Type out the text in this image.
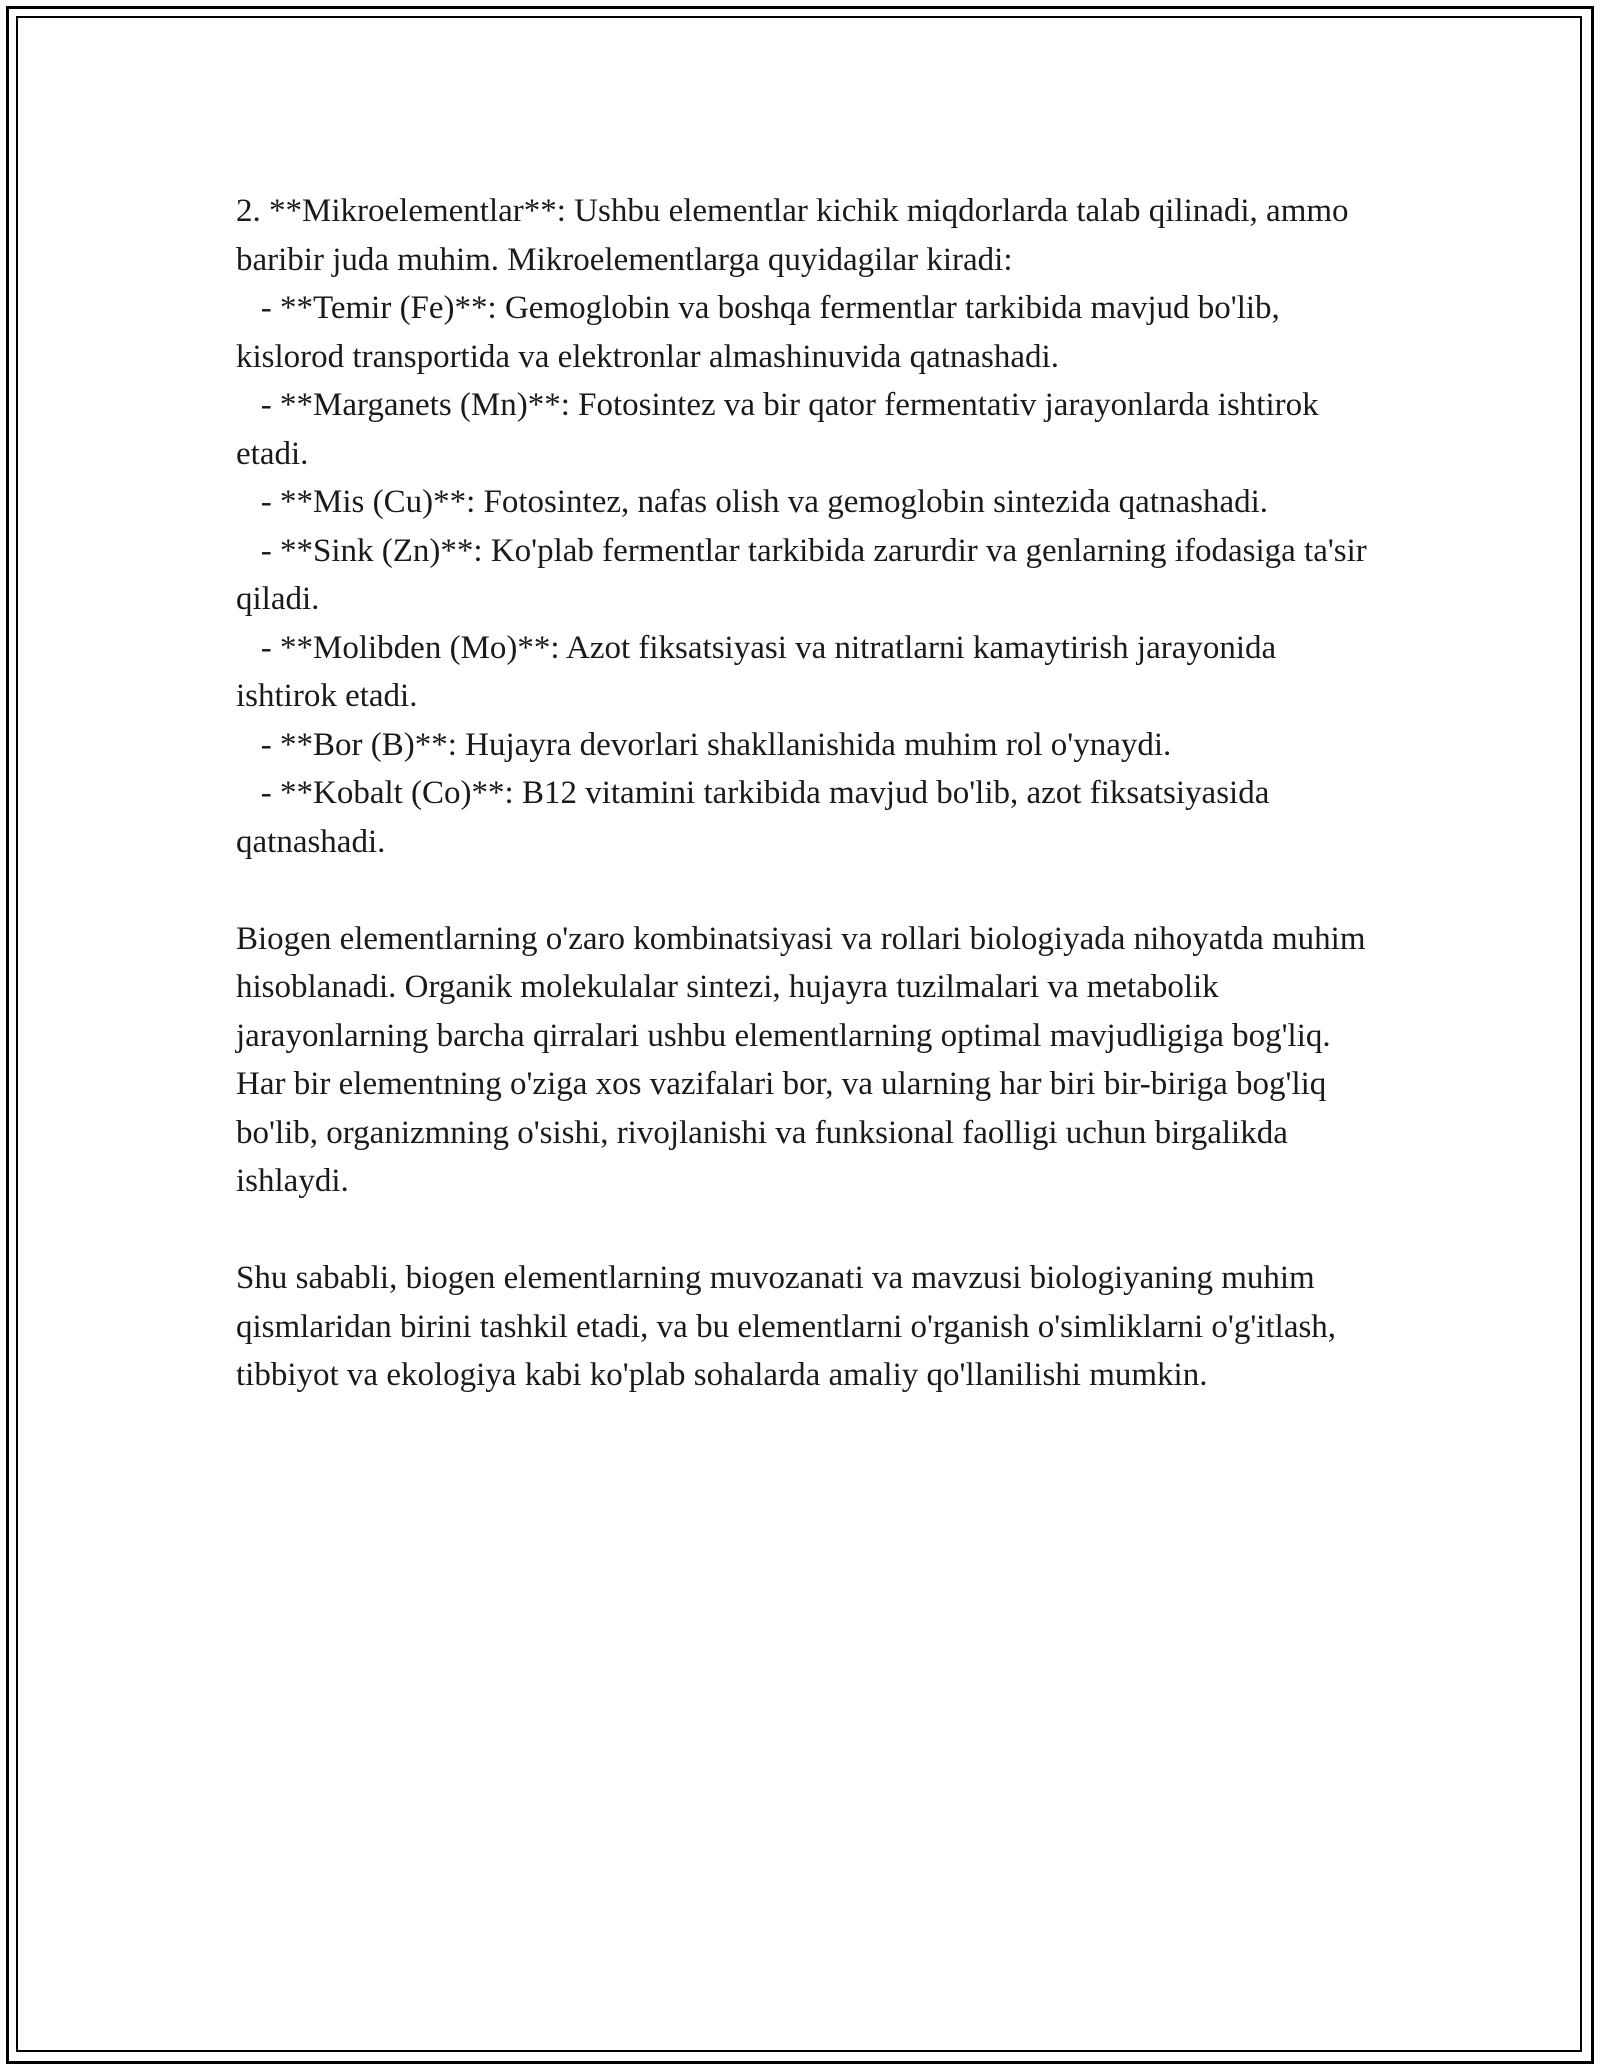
2. **Mikroelementlar**: Ushbu elementlar kichik miqdorlarda talab qilinadi, ammo baribir juda muhim. Mikroelementlarga quyidagilar kiradi:

- **Temir (Fe)**: Gemoglobin va boshqa fermentlar tarkibida mavjud bo'lib, kislorod transportida va elektronlar almashinuvida qatnashadi.

- **Marganets (Mn)**: Fotosintez va bir qator fermentativ jarayonlarda ishtirok etadi.

- **Mis (Cu)**: Fotosintez, nafas olish va gemoglobin sintezida qatnashadi.

- **Sink (Zn)**: Ko'plab fermentlar tarkibida zarurdir va genlarning ifodasiga ta'sir qiladi.

- **Molibden (Mo)**: Azot fiksatsiyasi va nitratlarni kamaytirish jarayonida ishtirok etadi.

- **Bor (B)**: Hujayra devorlari shakllanishida muhim rol o'ynaydi.

- **Kobalt (Co)**: B12 vitamini tarkibida mavjud bo'lib, azot fiksatsiyasida qatnashadi.

Biogen elementlarning o'zaro kombinatsiyasi va rollari biologiyada nihoyatda muhim hisoblanadi. Organik molekulalar sintezi, hujayra tuzilmalari va metabolik jarayonlarning barcha qirralari ushbu elementlarning optimal mavjudligiga bog'liq. Har bir elementning o'ziga xos vazifalari bor, va ularning har biri bir-biriga bog'liq bo'lib, organizmning o'sishi, rivojlanishi va funksional faolligi uchun birgalikda ishlaydi.

Shu sababli, biogen elementlarning muvozanati va mavzusi biologiyaning muhim qismlaridan birini tashkil etadi, va bu elementlarni o'rganish o'simliklarni o'g'itlash, tibbiyot va ekologiya kabi ko'plab sohalarda amaliy qo'llanilishi mumkin.
